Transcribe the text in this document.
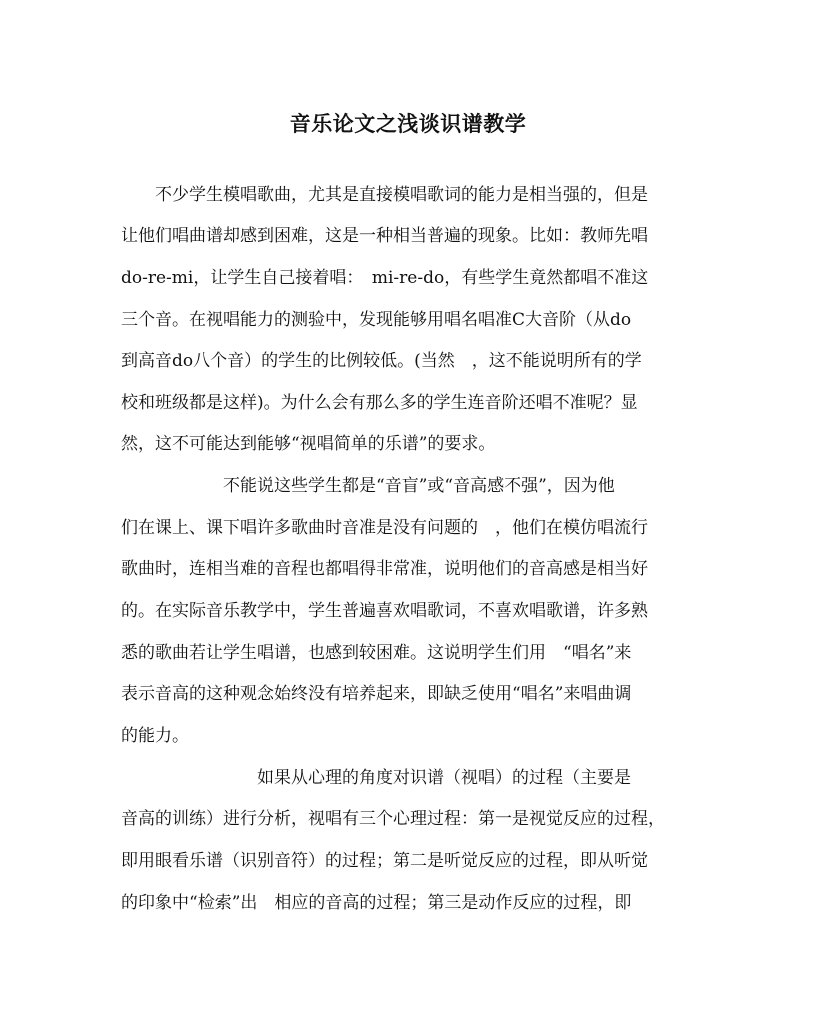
音乐论文之浅谈识谱教学
　　不少学生模唱歌曲，尤其是直接模唱歌词的能力是相当强的，但是
让他们唱曲谱却感到困难，这是一种相当普遍的现象。比如：教师先唱
do-re-mi，让学生自己接着唱：　mi-re-do，有些学生竟然都唱不准这
三个音。在视唱能力的测验中，发现能够用唱名唱准C大音阶（从do
到高音do八个音）的学生的比例较低。(当然　，这不能说明所有的学
校和班级都是这样)。为什么会有那么多的学生连音阶还唱不准呢？显
然，这不可能达到能够“视唱简单的乐谱”的要求。
　　　　　　不能说这些学生都是“音盲”或“音高感不强”，因为他
们在课上、课下唱许多歌曲时音准是没有问题的　，他们在模仿唱流行
歌曲时，连相当难的音程也都唱得非常准，说明他们的音高感是相当好
的。在实际音乐教学中，学生普遍喜欢唱歌词，不喜欢唱歌谱，许多熟
悉的歌曲若让学生唱谱，也感到较困难。这说明学生们用　“唱名”来
表示音高的这种观念始终没有培养起来，即缺乏使用“唱名”来唱曲调
的能力。
　　　　　　　　如果从心理的角度对识谱（视唱）的过程（主要是
音高的训练）进行分析，视唱有三个心理过程：第一是视觉反应的过程，
即用眼看乐谱（识别音符）的过程；第二是听觉反应的过程，即从听觉
的印象中“检索”出　相应的音高的过程；第三是动作反应的过程，即
